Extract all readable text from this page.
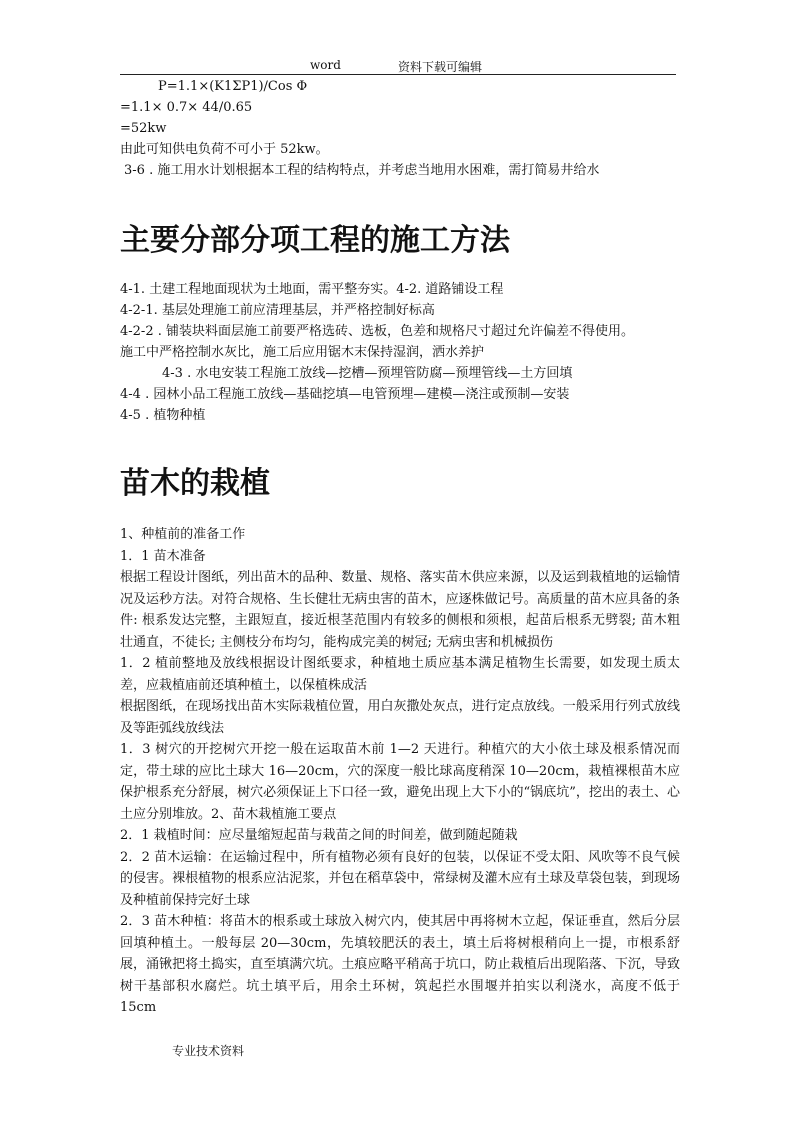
word	资料下载可编辑
P=1.1×(K1ΣP1)/Cos Φ
=1.1× 0.7× 44/0.65
=52kw
由此可知供电负荷不可小于 52kw。
3-6 . 施工用水计划根据本工程的结构特点，并考虑当地用水困难，需打简易井给水
主要分部分项工程的施工方法
4-1. 土建工程地面现状为土地面，需平整夯实。4-2. 道路铺设工程
4-2-1. 基层处理施工前应清理基层，并严格控制好标高
4-2-2 . 铺装块料面层施工前要严格选砖、选板，色差和规格尺寸超过允许偏差不得使用。
施工中严格控制水灰比，施工后应用锯木末保持湿润，洒水养护
4-3 . 水电安装工程施工放线—挖槽—预埋管防腐—预埋管线—土方回填
4-4 . 园林小品工程施工放线—基础挖填—电管预埋—建模—浇注或预制—安装
4-5 . 植物种植
苗木的栽植
1、种植前的准备工作
1．1 苗木准备
根据工程设计图纸，列出苗木的品种、数量、规格、落实苗木供应来源，以及运到栽植地的运输情况及运秒方法。对符合规格、生长健壮无病虫害的苗木，应逐株做记号。高质量的苗木应具备的条件: 根系发达完整，主跟短直，接近根茎范围内有较多的侧根和须根，起苗后根系无劈裂; 苗木粗壮通直，不徒长; 主侧枝分布均匀，能构成完美的树冠; 无病虫害和机械损伤
1．2 植前整地及放线根据设计图纸要求，种植地土质应基本满足植物生长需要，如发现土质太差，应栽植庙前还填种植土，以保植株成活
根据图纸，在现场找出苗木实际栽植位置，用白灰撒处灰点，进行定点放线。一般采用行列式放线及等距弧线放线法
1．3 树穴的开挖树穴开挖一般在运取苗木前 1—2 天进行。种植穴的大小依土球及根系情况而定，带土球的应比土球大 16—20cm，穴的深度一般比球高度稍深 10—20cm，栽植裸根苗木应保护根系充分舒展，树穴必须保证上下口径一致，避免出现上大下小的“锅底坑”，挖出的表土、心土应分别堆放。2、苗木栽植施工要点
2．1 栽植时间：应尽量缩短起苗与栽苗之间的时间差，做到随起随栽
2．2 苗木运输：在运输过程中，所有植物必须有良好的包装，以保证不受太阳、风吹等不良气候的侵害。裸根植物的根系应沾泥浆，并包在稻草袋中，常绿树及灌木应有土球及草袋包装，到现场及种植前保持完好土球
2．3 苗木种植：将苗木的根系或土球放入树穴内，使其居中再将树木立起，保证垂直，然后分层回填种植土。一般每层 20—30cm，先填较肥沃的表土，填土后将树根稍向上一提，市根系舒展，涌锹把将土捣实，直至填满穴坑。土痕应略平稍高于坑口，防止栽植后出现陷落、下沉，导致树干基部积水腐烂。坑土填平后，用余土环树，筑起拦水围堰并拍实以利浇水，高度不低于 15cm
专业技术资料
